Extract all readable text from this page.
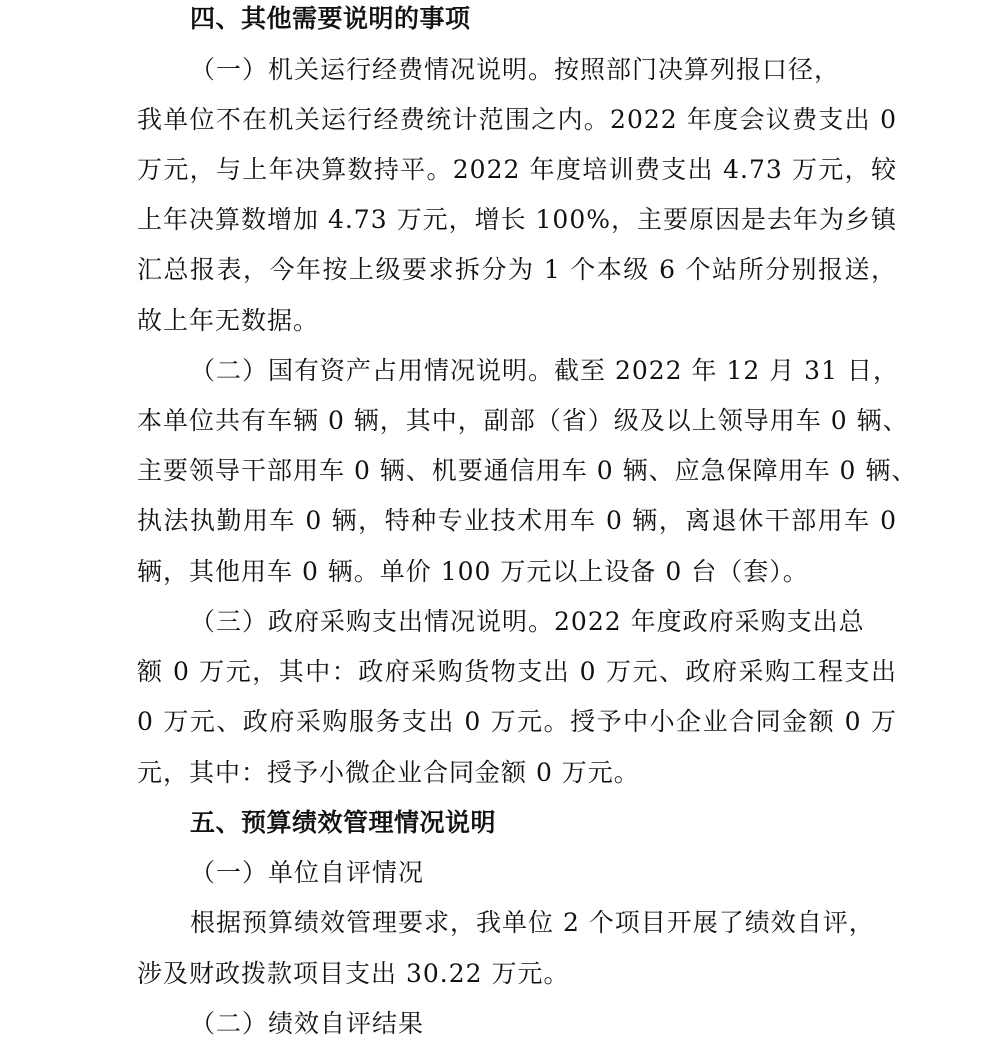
四、其他需要说明的事项
（一）机关运行经费情况说明。按照部门决算列报口径，
我单位不在机关运行经费统计范围之内。2022 年度会议费支出 0
万元，与上年决算数持平。2022 年度培训费支出 4.73 万元，较
上年决算数增加 4.73 万元，增长 100%，主要原因是去年为乡镇
汇总报表，今年按上级要求拆分为 1 个本级 6 个站所分别报送，
故上年无数据。
（二）国有资产占用情况说明。截至 2022 年 12 月 31 日，
本单位共有车辆 0 辆，其中，副部（省）级及以上领导用车 0 辆、
主要领导干部用车 0 辆、机要通信用车 0 辆、应急保障用车 0 辆、
执法执勤用车 0 辆，特种专业技术用车 0 辆，离退休干部用车 0
辆，其他用车 0 辆。单价 100 万元以上设备 0 台（套）。
（三）政府采购支出情况说明。2022 年度政府采购支出总
额 0 万元，其中：政府采购货物支出 0 万元、政府采购工程支出
0 万元、政府采购服务支出 0 万元。授予中小企业合同金额 0 万
元，其中：授予小微企业合同金额 0 万元。
五、预算绩效管理情况说明
（一）单位自评情况
根据预算绩效管理要求，我单位 2 个项目开展了绩效自评，
涉及财政拨款项目支出 30.22 万元。
（二）绩效自评结果
